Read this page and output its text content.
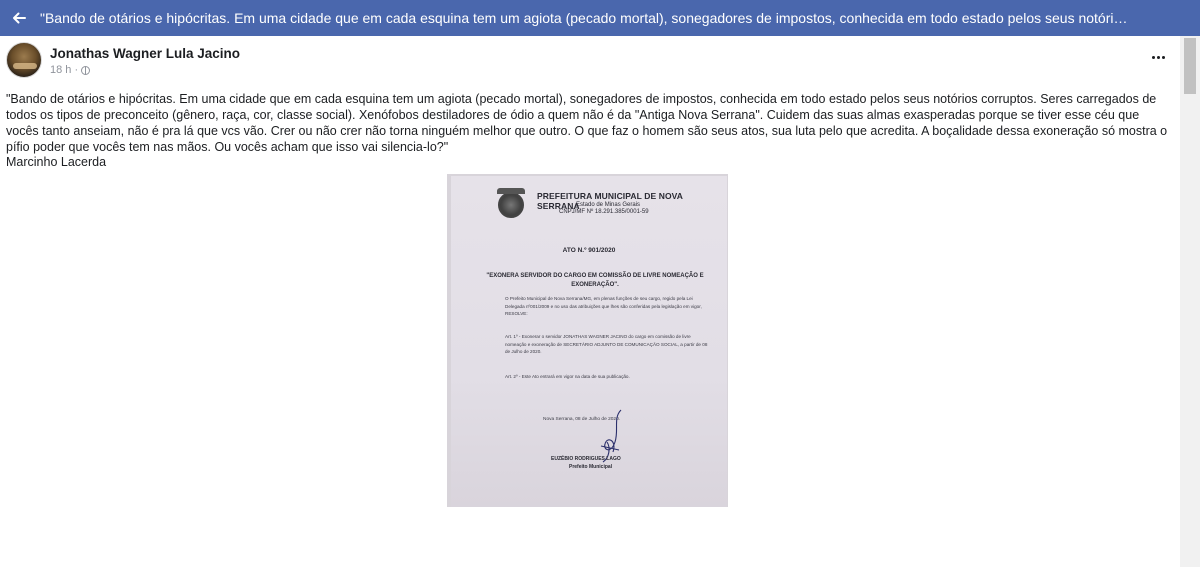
"Bando de otários e hipócritas. Em uma cidade que em cada esquina tem um agiota (pecado mortal), sonegadores de impostos, conhecida em todo estado pelos seus notóri…
Jonathas Wagner Lula Jacino
18 h ·
"Bando de otários e hipócritas. Em uma cidade que em cada esquina tem um agiota (pecado mortal), sonegadores de impostos, conhecida em todo estado pelos seus notórios corruptos. Seres carregados de todos os tipos de preconceito (gênero, raça, cor, classe social). Xenófobos destiladores de ódio a quem não é da "Antiga Nova Serrana". Cuidem das suas almas exasperadas porque se tiver esse céu que vocês tanto anseiam, não é pra lá que vcs vão. Crer ou não crer não torna ninguém melhor que outro. O que faz o homem são seus atos, sua luta pelo que acredita. A boçalidade dessa exoneração só mostra o pífio poder que vocês tem nas mãos. Ou vocês acham que isso vai silencia-lo?"
Marcinho Lacerda
PREFEITURA MUNICIPAL DE NOVA SERRANA
Estado de Minas Gerais
CNPJ/MF Nº 18.291.385/0001-59
ATO N.º 901/2020
"EXONERA SERVIDOR DO CARGO EM COMISSÃO DE LIVRE NOMEAÇÃO E EXONERAÇÃO".
O Prefeito Municipal de Nova Serrana/MG, em plenas funções de seu cargo, regido pela Lei Delegada nº001/2009 e no uso das atribuições que lhes são conferidas pela legislação em vigor, RESOLVE:
Art. 1º - Exonerar o servidor JONATHAS WAGNER JACINO do cargo em comissão de livre nomeação e exoneração de SECRETÁRIO ADJUNTO DE COMUNICAÇÃO SOCIAL, a partir de 08 de Julho de 2020.
Art. 2º - Este Ato entrará em vigor na data de sua publicação.
Nova Serrana, 08 de Julho de 2020.
EUZÉBIO RODRIGUES LAGO
Prefeito Municipal
